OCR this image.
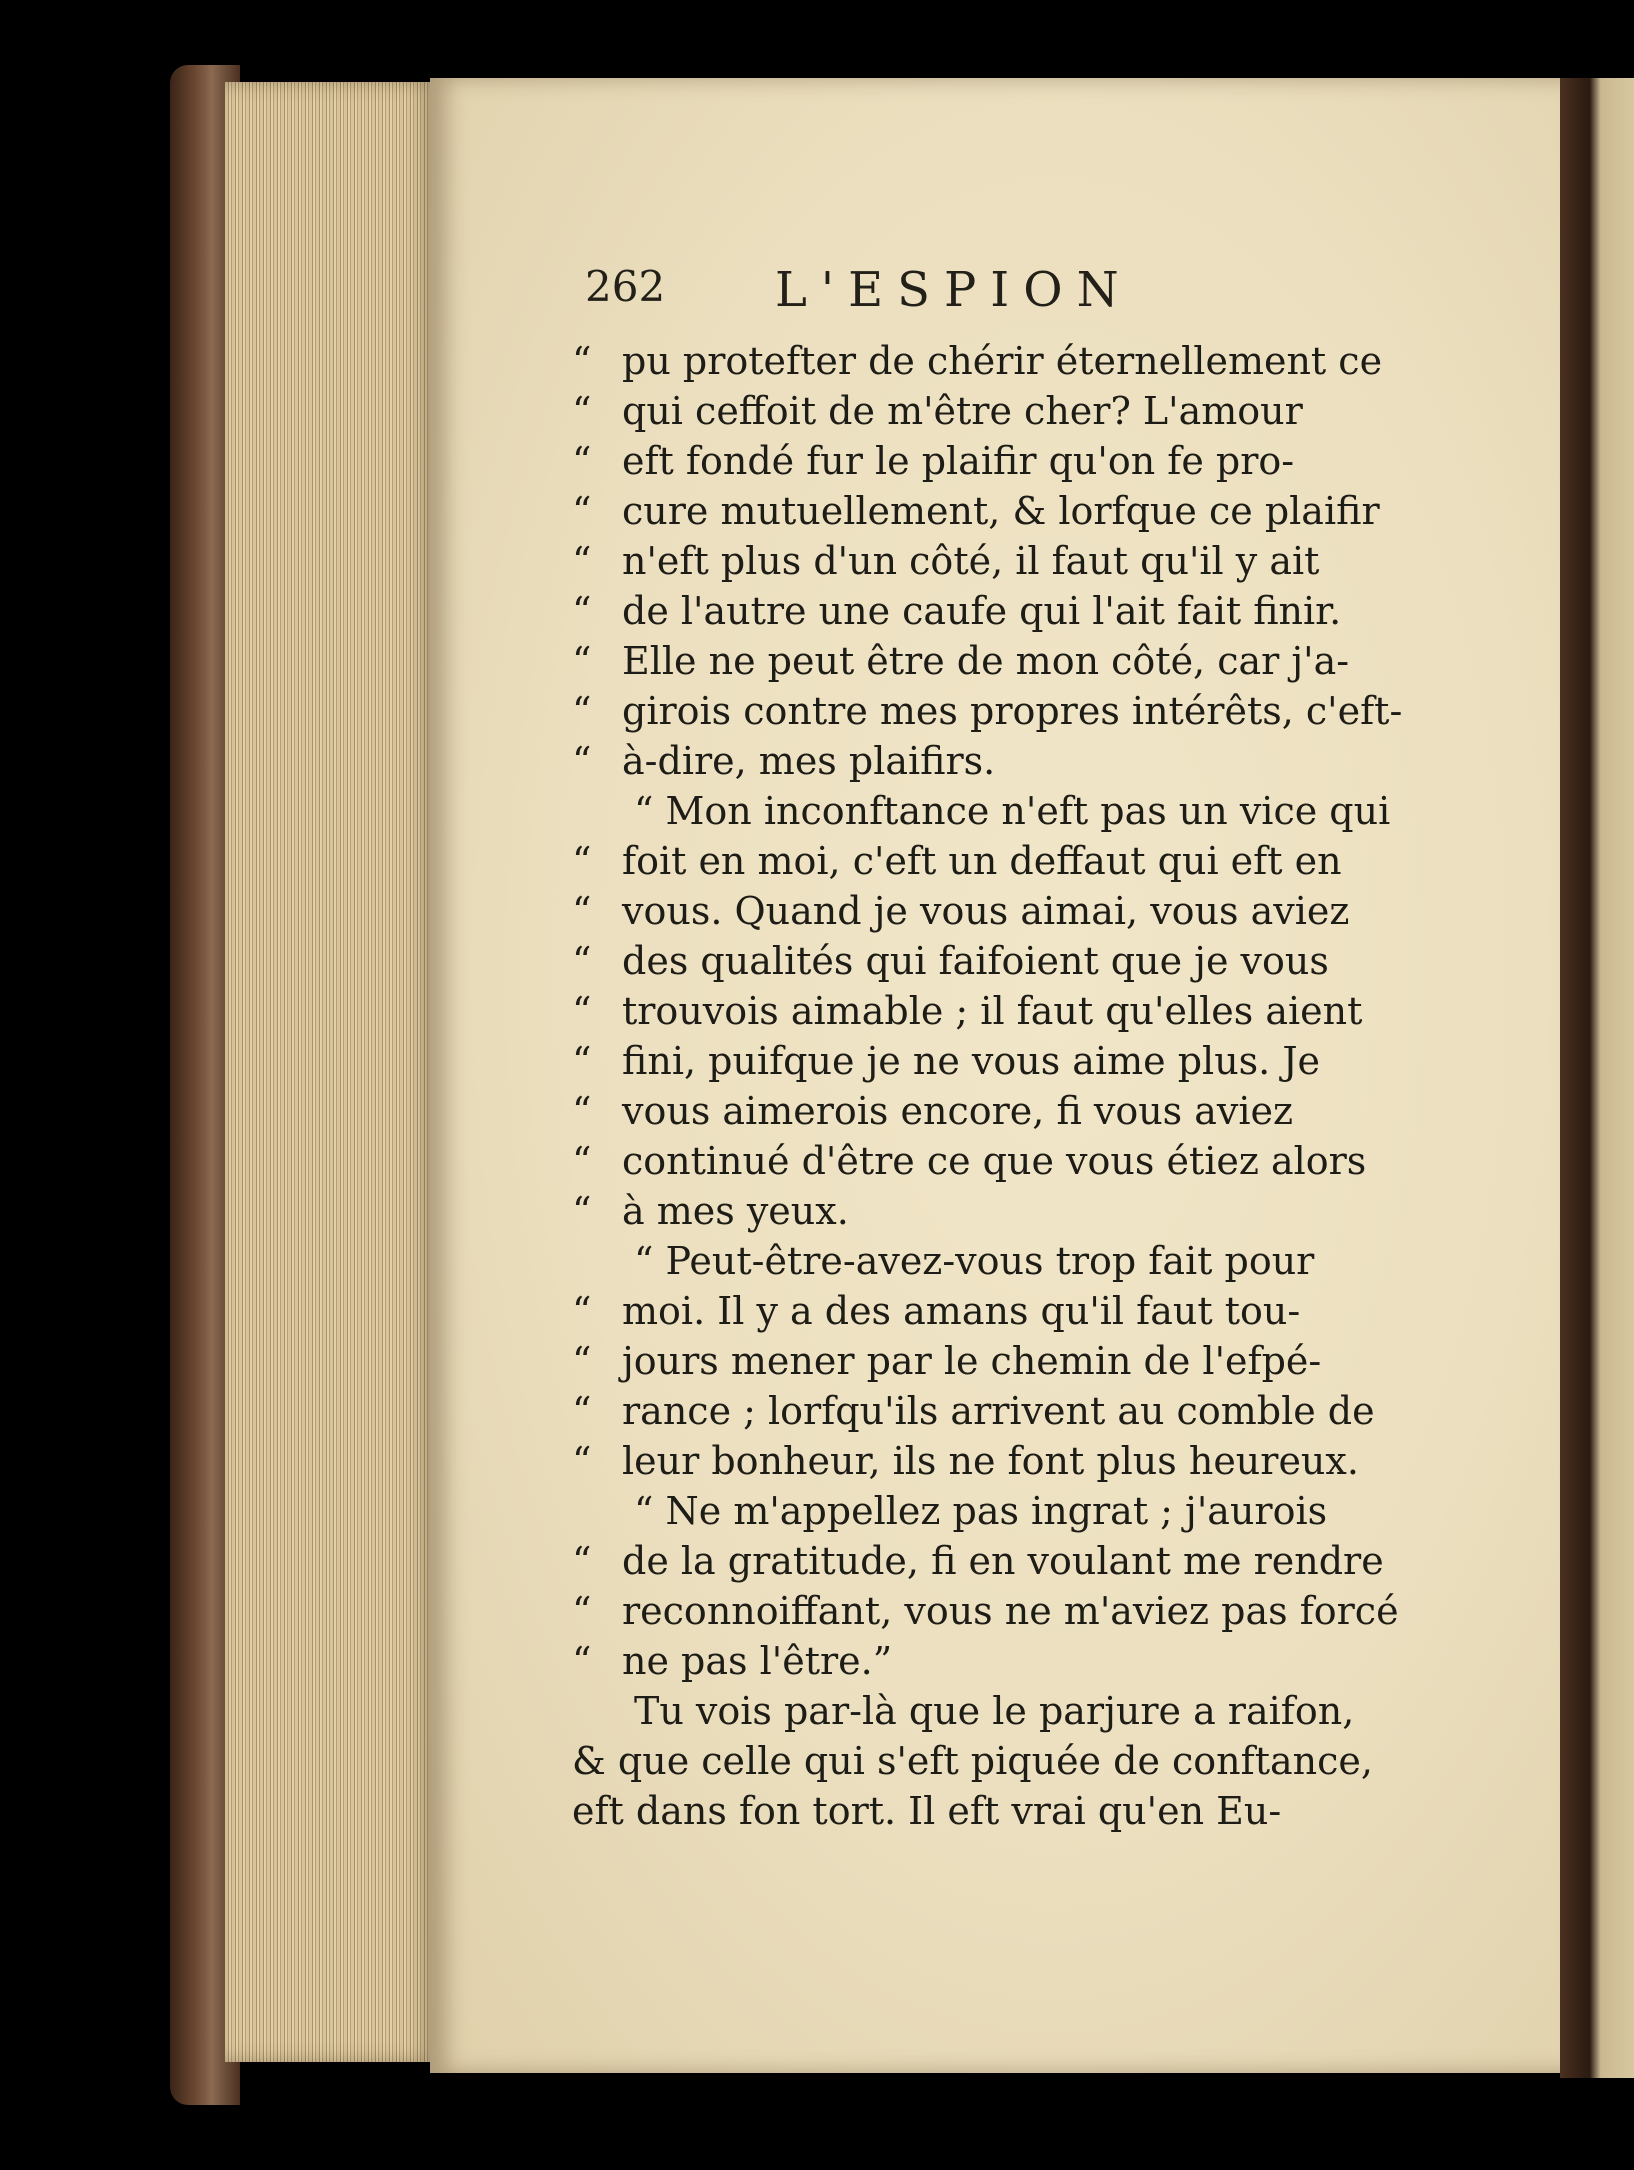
262 L'ESPION
“ pu protefter de chérir éternellement ce
“ qui ceffoit de m'être cher? L'amour
“ eft fondé fur le plaifir qu'on fe pro-
“ cure mutuellement, & lorfque ce plaifir
“ n'eft plus d'un côté, il faut qu'il y ait
“ de l'autre une caufe qui l'ait fait finir.
“ Elle ne peut être de mon côté, car j'a-
“ girois contre mes propres intérêts, c'eft-
“ à-dire, mes plaifirs.
“ Mon inconftance n'eft pas un vice qui
“ foit en moi, c'eft un deffaut qui eft en
“ vous. Quand je vous aimai, vous aviez
“ des qualités qui faifoient que je vous
“ trouvois aimable ; il faut qu'elles aient
“ fini, puifque je ne vous aime plus. Je
“ vous aimerois encore, fi vous aviez
“ continué d'être ce que vous étiez alors
“ à mes yeux.
“ Peut-être-avez-vous trop fait pour
“ moi. Il y a des amans qu'il faut tou-
“ jours mener par le chemin de l'efpé-
“ rance ; lorfqu'ils arrivent au comble de
“ leur bonheur, ils ne font plus heureux.
“ Ne m'appellez pas ingrat ; j'aurois
“ de la gratitude, fi en voulant me rendre
“ reconnoiffant, vous ne m'aviez pas forcé
“ ne pas l'être.”
Tu vois par-là que le parjure a raifon,
& que celle qui s'eft piquée de conftance,
eft dans fon tort. Il eft vrai qu'en Eu-
